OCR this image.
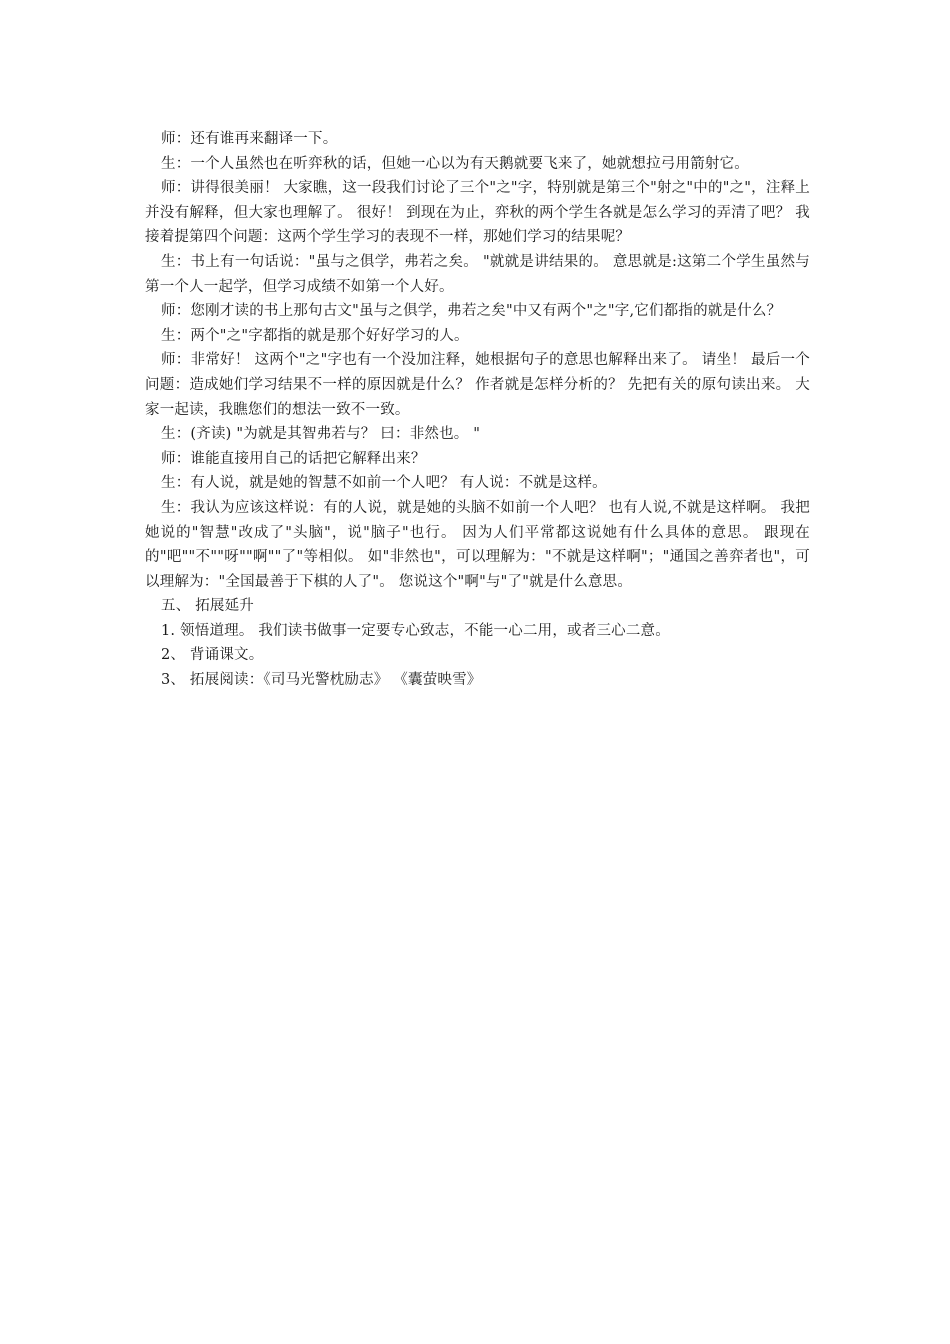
师：还有谁再来翻译一下。

生：一个人虽然也在听弈秋的话，但她一心以为有天鹅就要飞来了，她就想拉弓用箭射它。

师：讲得很美丽！ 大家瞧，这一段我们讨论了三个"之"字，特别就是第三个"射之"中的"之"，注释上并没有解释，但大家也理解了。 很好！ 到现在为止，弈秋的两个学生各就是怎么学习的弄清了吧？ 我接着提第四个问题：这两个学生学习的表现不一样，那她们学习的结果呢？

生：书上有一句话说："虽与之俱学，弗若之矣。 "就就是讲结果的。 意思就是:这第二个学生虽然与第一个人一起学，但学习成绩不如第一个人好。

师：您刚才读的书上那句古文"虽与之俱学，弗若之矣"中又有两个"之"字,它们都指的就是什么？

生：两个"之"字都指的就是那个好好学习的人。

师：非常好！ 这两个"之"字也有一个没加注释，她根据句子的意思也解释出来了。 请坐！ 最后一个问题：造成她们学习结果不一样的原因就是什么？ 作者就是怎样分析的？ 先把有关的原句读出来。 大家一起读，我瞧您们的想法一致不一致。

生：(齐读) "为就是其智弗若与？ 曰：非然也。 "

师：谁能直接用自己的话把它解释出来？

生：有人说，就是她的智慧不如前一个人吧？ 有人说：不就是这样。

生：我认为应该这样说：有的人说，就是她的头脑不如前一个人吧？ 也有人说,不就是这样啊。 我把她说的"智慧"改成了"头脑"，说"脑子"也行。 因为人们平常都这说她有什么具体的意思。 跟现在的"吧""不""呀""啊""了"等相似。 如"非然也"，可以理解为："不就是这样啊"；"通国之善弈者也"，可以理解为："全国最善于下棋的人了"。 您说这个"啊"与"了"就是什么意思。

五、 拓展延升

1. 领悟道理。 我们读书做事一定要专心致志，不能一心二用，或者三心二意。

2、 背诵课文。

3、 拓展阅读：《司马光警枕励志》 《囊萤映雪》
